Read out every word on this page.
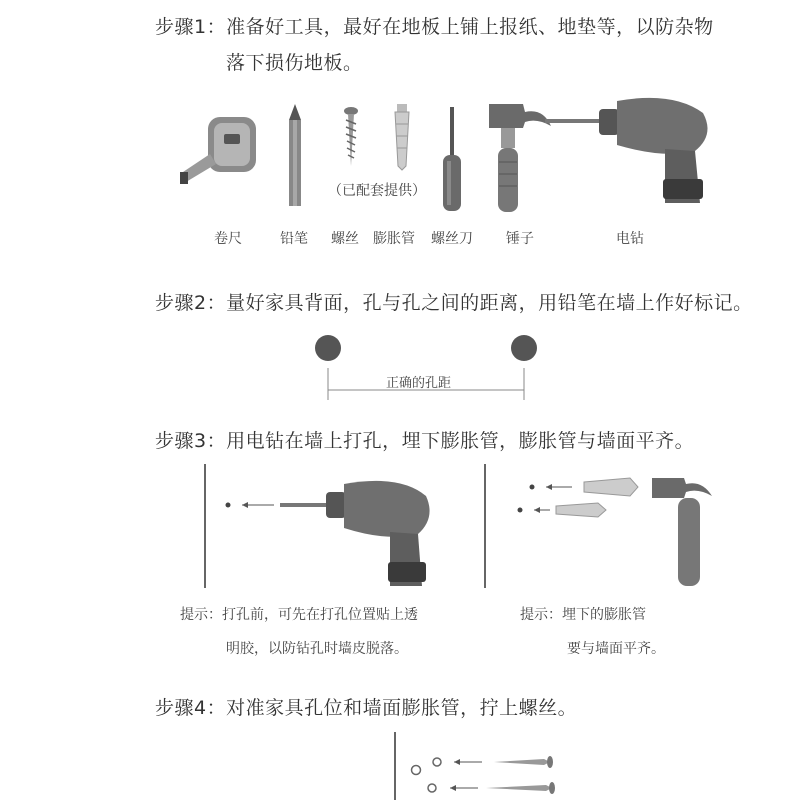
步骤1：准备好工具，最好在地板上铺上报纸、地垫等，以防杂物
落下损伤地板。
（已配套提供）
卷尺	铅笔 螺丝 膨胀管 螺丝刀 锤子	电钻
步骤2：量好家具背面，孔与孔之间的距离，用铅笔在墙上作好标记。
正确的孔距
步骤3：用电钻在墙上打孔，埋下膨胀管，膨胀管与墙面平齐。
提示：打孔前，可先在打孔位置贴上透
明胶，以防钻孔时墙皮脱落。
提示：埋下的膨胀管
要与墙面平齐。
步骤4：对准家具孔位和墙面膨胀管，拧上螺丝。
